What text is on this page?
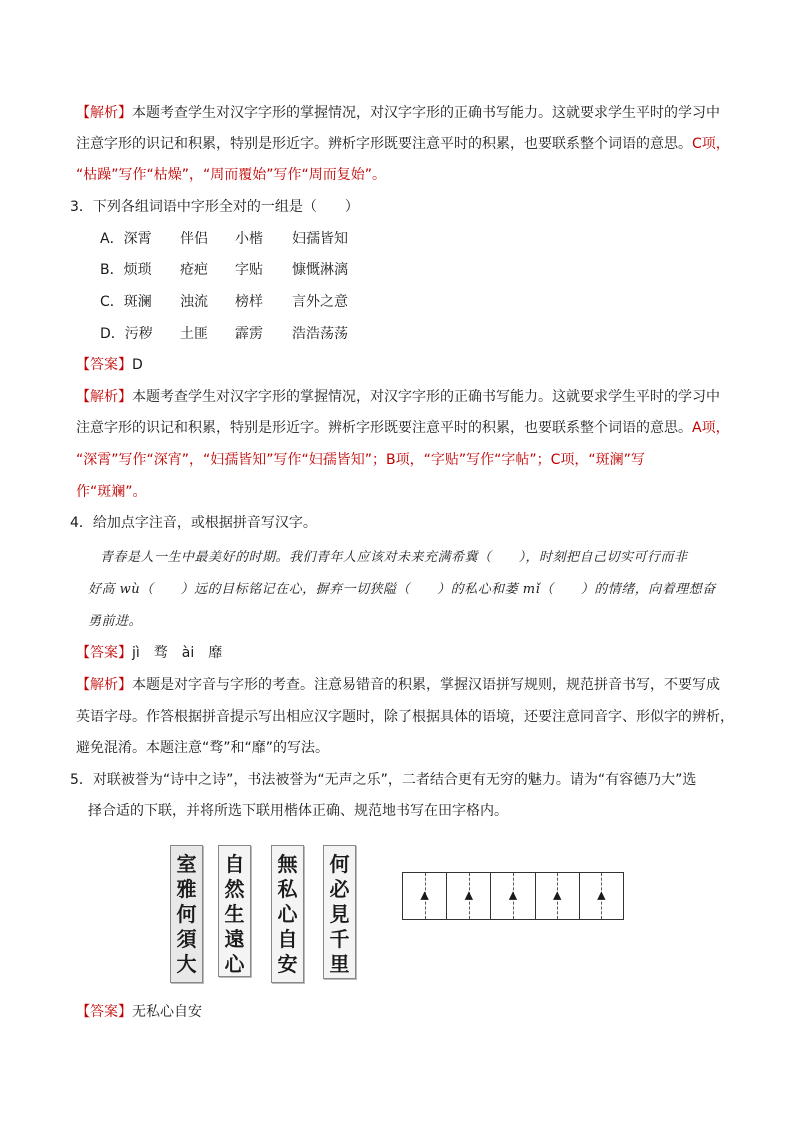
【解析】本题考查学生对汉字字形的掌握情况，对汉字字形的正确书写能力。这就要求学生平时的学习中
注意字形的识记和积累，特别是形近字。辨析字形既要注意平时的积累，也要联系整个词语的意思。C项，
“枯躁”写作“枯燥”，“周而覆始”写作“周而复始”。
3．下列各组词语中字形全对的一组是（　　）
A．深霄 伴侣 小楷 妇孺皆知
B．烦琐 疮疤 字贴 慷慨淋漓
C．斑澜 浊流 榜样 言外之意
D．污秽 土匪 霹雳 浩浩荡荡
【答案】D
【解析】本题考查学生对汉字字形的掌握情况，对汉字字形的正确书写能力。这就要求学生平时的学习中
注意字形的识记和积累，特别是形近字。辨析字形既要注意平时的积累，也要联系整个词语的意思。A项，
“深霄”写作“深宵”，“妇孺皆知”写作“妇孺皆知”；B项，“字贴”写作“字帖”；C项，“斑澜”写
作“斑斓”。
4．给加点字注音，或根据拼音写汉字。
青春是人一生中最美好的时期。我们青年人应该对未来充满希冀（　　），时刻把自己切实可行而非
好高 wù（　　）远的目标铭记在心，摒弃一切狭隘（　　）的私心和萎 mǐ（　　）的情绪，向着理想奋
勇前进。
【答案】jì　骛　ài　靡
【解析】本题是对字音与字形的考查。注意易错音的积累，掌握汉语拼写规则，规范拼音书写，不要写成
英语字母。作答根据拼音提示写出相应汉字题时，除了根据具体的语境，还要注意同音字、形似字的辨析，
避免混淆。本题注意“骛”和“靡”的写法。
5．对联被誉为“诗中之诗”，书法被誉为“无声之乐”，二者结合更有无穷的魅力。请为“有容德乃大”选
择合适的下联，并将所选下联用楷体正确、规范地书写在田字格内。
室
雅
何
須
大
自
然
生
遠
心
無
私
心
自
安
何
必
見
千
里
▲	▲	▲	▲	▲
【答案】无私心自安
